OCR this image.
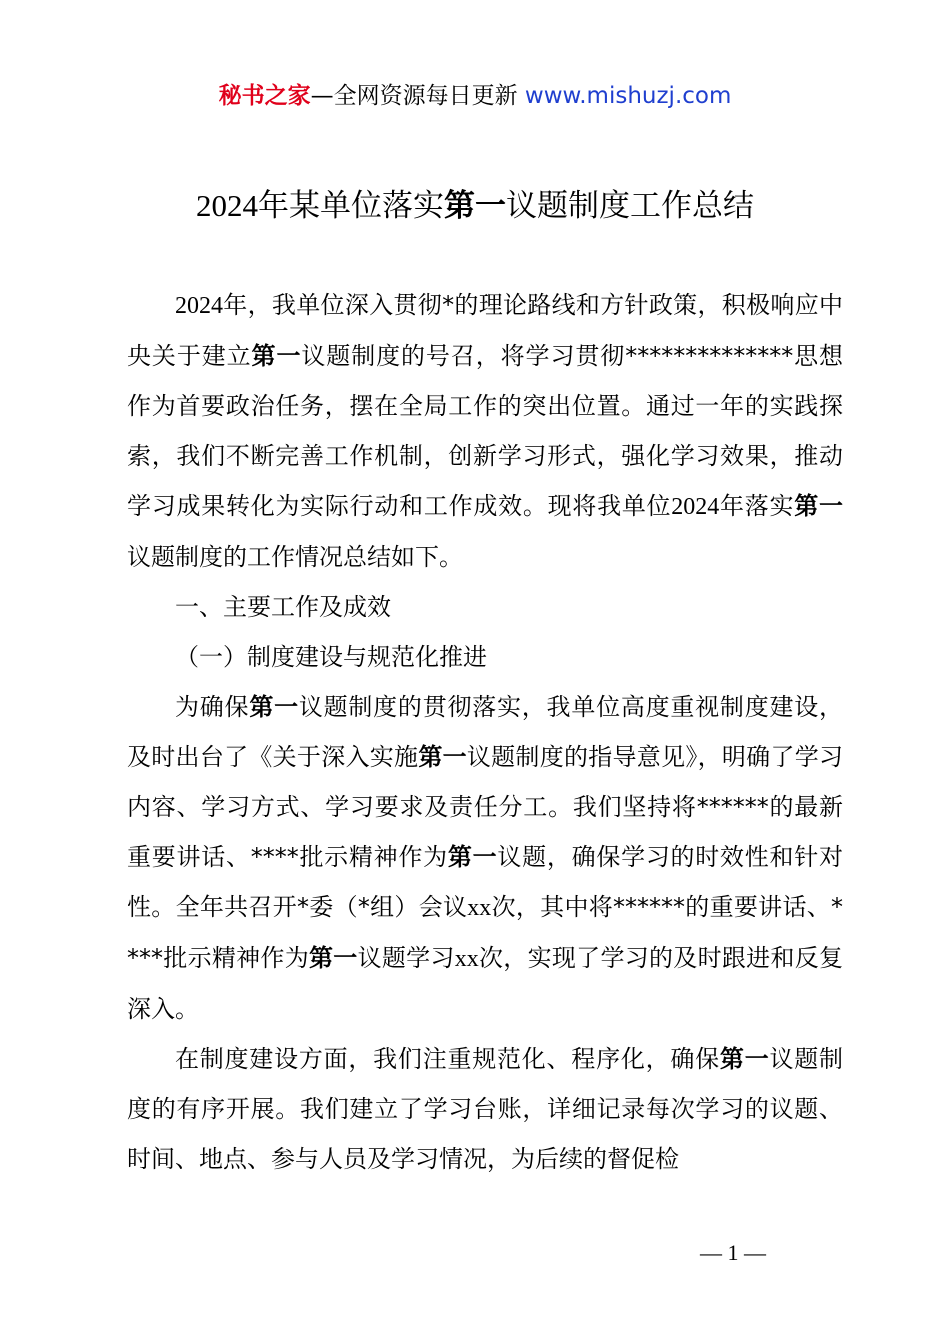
秘书之家—全网资源每日更新 www.mishuzj.com
2024年某单位落实第一议题制度工作总结

2024年，我单位深入贯彻*的理论路线和方针政策，积极响应中央关于建立第一议题制度的号召，将学习贯彻**************思想作为首要政治任务，摆在全局工作的突出位置。通过一年的实践探索，我们不断完善工作机制，创新学习形式，强化学习效果，推动学习成果转化为实际行动和工作成效。现将我单位2024年落实第一议题制度的工作情况总结如下。

一、主要工作及成效

（一）制度建设与规范化推进

为确保第一议题制度的贯彻落实，我单位高度重视制度建设，及时出台了《关于深入实施第一议题制度的指导意见》，明确了学习内容、学习方式、学习要求及责任分工。我们坚持将******的最新重要讲话、****批示精神作为第一议题，确保学习的时效性和针对性。全年共召开*委（*组）会议xx次，其中将******的重要讲话、****批示精神作为第一议题学习xx次，实现了学习的及时跟进和反复深入。

在制度建设方面，我们注重规范化、程序化，确保第一议题制度的有序开展。我们建立了学习台账，详细记录每次学习的议题、时间、地点、参与人员及学习情况，为后续的督促检

— 1 —
